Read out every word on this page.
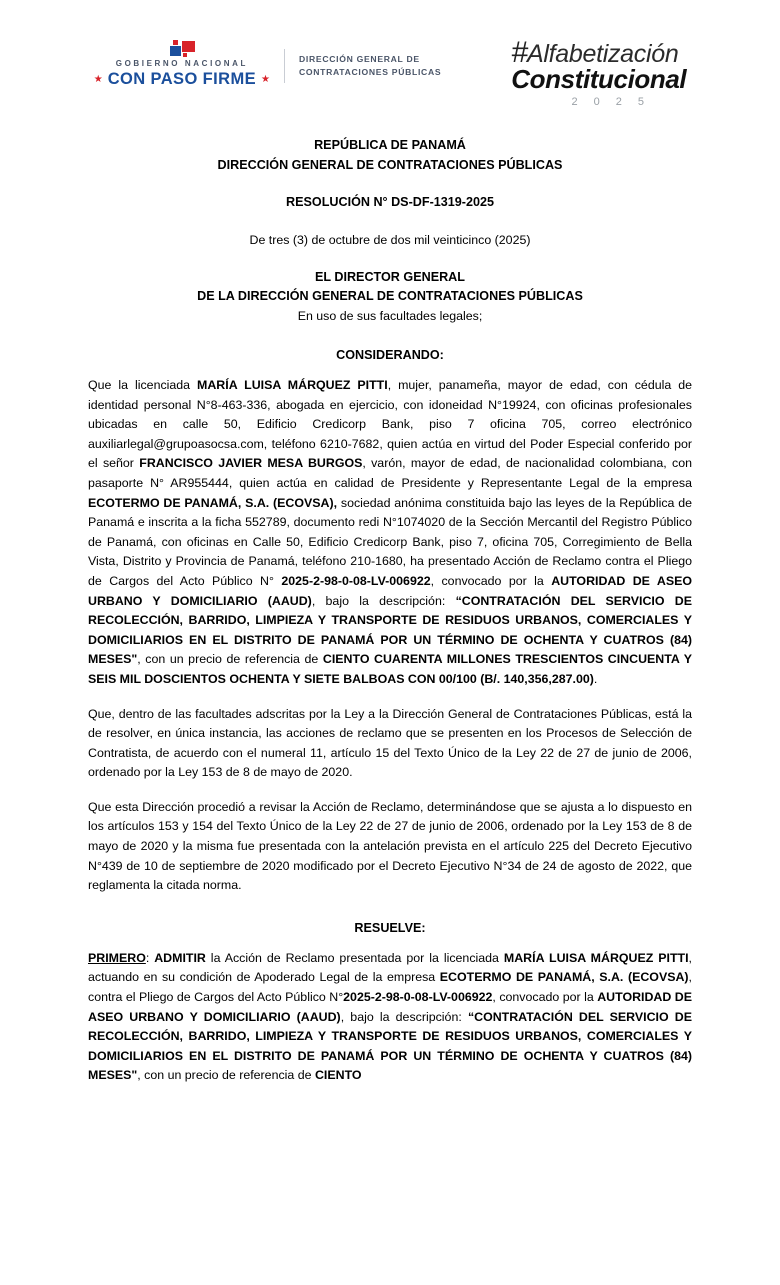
GOBIERNO NACIONAL
★ CON PASO FIRME ★
DIRECCIÓN GENERAL DE
CONTRATACIONES PÚBLICAS
# Alfabetización
Constitucional
2025
REPÚBLICA DE PANAMÁ
DIRECCIÓN GENERAL DE CONTRATACIONES PÚBLICAS
RESOLUCIÓN N° DS-DF-1319-2025
De tres (3) de octubre de dos mil veinticinco (2025)
EL DIRECTOR GENERAL
DE LA DIRECCIÓN GENERAL DE CONTRATACIONES PÚBLICAS
En uso de sus facultades legales;
CONSIDERANDO:

Que la licenciada MARÍA LUISA MÁRQUEZ PITTI, mujer, panameña, mayor de edad, con cédula de identidad personal N°8-463-336, abogada en ejercicio, con idoneidad N°19924, con oficinas profesionales ubicadas en calle 50, Edificio Credicorp Bank, piso 7 oficina 705, correo electrónico auxiliarlegal@grupoasocsa.com, teléfono 6210-7682, quien actúa en virtud del Poder Especial conferido por el señor FRANCISCO JAVIER MESA BURGOS, varón, mayor de edad, de nacionalidad colombiana, con pasaporte N° AR955444, quien actúa en calidad de Presidente y Representante Legal de la empresa ECOTERMO DE PANAMÁ, S.A. (ECOVSA), sociedad anónima constituida bajo las leyes de la República de Panamá e inscrita a la ficha 552789, documento redi N°1074020 de la Sección Mercantil del Registro Público de Panamá, con oficinas en Calle 50, Edificio Credicorp Bank, piso 7, oficina 705, Corregimiento de Bella Vista, Distrito y Provincia de Panamá, teléfono 210-1680, ha presentado Acción de Reclamo contra el Pliego de Cargos del Acto Público N° 2025-2-98-0-08-LV-006922, convocado por la AUTORIDAD DE ASEO URBANO Y DOMICILIARIO (AAUD), bajo la descripción: “CONTRATACIÓN DEL SERVICIO DE RECOLECCIÓN, BARRIDO, LIMPIEZA Y TRANSPORTE DE RESIDUOS URBANOS, COMERCIALES Y DOMICILIARIOS EN EL DISTRITO DE PANAMÁ POR UN TÉRMINO DE OCHENTA Y CUATROS (84) MESES", con un precio de referencia de CIENTO CUARENTA MILLONES TRESCIENTOS CINCUENTA Y SEIS MIL DOSCIENTOS OCHENTA Y SIETE BALBOAS CON 00/100 (B/. 140,356,287.00).

Que, dentro de las facultades adscritas por la Ley a la Dirección General de Contrataciones Públicas, está la de resolver, en única instancia, las acciones de reclamo que se presenten en los Procesos de Selección de Contratista, de acuerdo con el numeral 11, artículo 15 del Texto Único de la Ley 22 de 27 de junio de 2006, ordenado por la Ley 153 de 8 de mayo de 2020.

Que esta Dirección procedió a revisar la Acción de Reclamo, determinándose que se ajusta a lo dispuesto en los artículos 153 y 154 del Texto Único de la Ley 22 de 27 de junio de 2006, ordenado por la Ley 153 de 8 de mayo de 2020 y la misma fue presentada con la antelación prevista en el artículo 225 del Decreto Ejecutivo N°439 de 10 de septiembre de 2020 modificado por el Decreto Ejecutivo N°34 de 24 de agosto de 2022, que reglamenta la citada norma.

RESUELVE:

PRIMERO: ADMITIR la Acción de Reclamo presentada por la licenciada MARÍA LUISA MÁRQUEZ PITTI, actuando en su condición de Apoderado Legal de la empresa ECOTERMO DE PANAMÁ, S.A. (ECOVSA), contra el Pliego de Cargos del Acto Público N°2025-2-98-0-08-LV-006922, convocado por la AUTORIDAD DE ASEO URBANO Y DOMICILIARIO (AAUD), bajo la descripción: “CONTRATACIÓN DEL SERVICIO DE RECOLECCIÓN, BARRIDO, LIMPIEZA Y TRANSPORTE DE RESIDUOS URBANOS, COMERCIALES Y DOMICILIARIOS EN EL DISTRITO DE PANAMÁ POR UN TÉRMINO DE OCHENTA Y CUATROS (84) MESES", con un precio de referencia de CIENTO
